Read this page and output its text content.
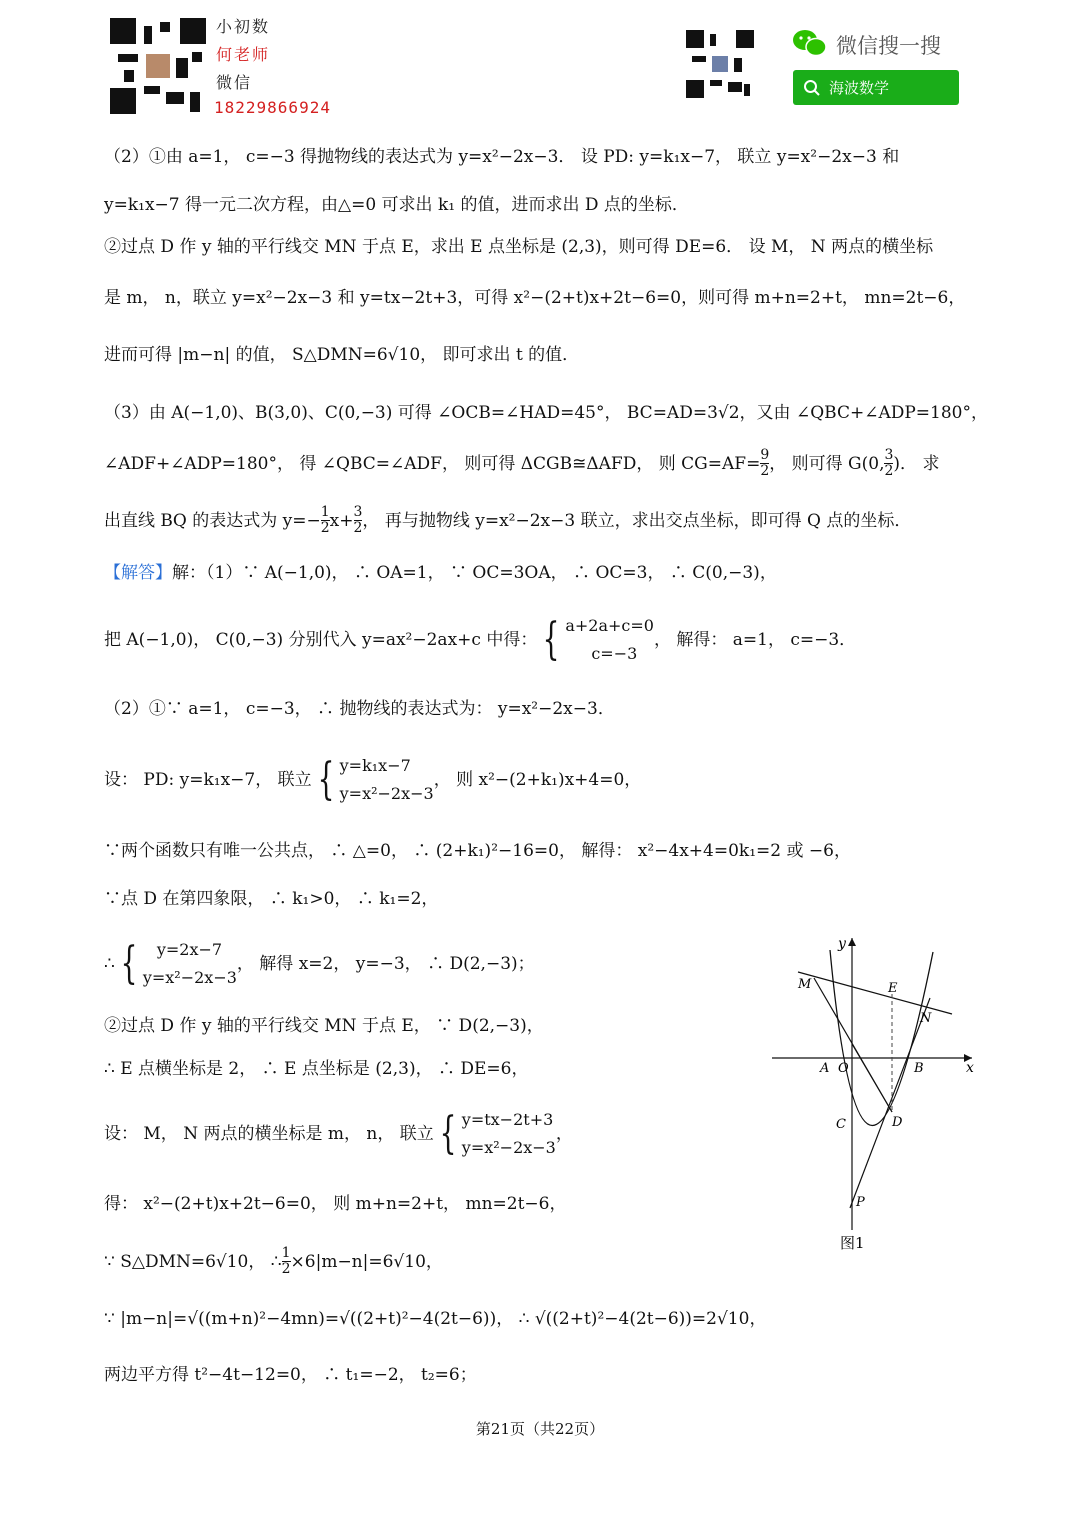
小初数
何老师
微信
18229866924
微信搜一搜
海波数学
（2）①由 a=1， c=−3 得抛物线的表达式为 y=x²−2x−3． 设 PD: y=k₁x−7， 联立 y=x²−2x−3 和
y=k₁x−7 得一元二次方程，由△=0 可求出 k₁ 的值，进而求出 D 点的坐标．
②过点 D 作 y 轴的平行线交 MN 于点 E，求出 E 点坐标是 (2,3)，则可得 DE=6． 设 M， N 两点的横坐标
是 m， n，联立 y=x²−2x−3 和 y=tx−2t+3，可得 x²−(2+t)x+2t−6=0，则可得 m+n=2+t， mn=2t−6，
进而可得 |m−n| 的值， S△DMN=6√10， 即可求出 t 的值．
（3）由 A(−1,0)、B(3,0)、C(0,−3) 可得 ∠OCB=∠HAD=45°， BC=AD=3√2，又由 ∠QBC+∠ADP=180°，
∠ADF+∠ADP=180°， 得 ∠QBC=∠ADF， 则可得 ΔCGB≅ΔAFD， 则 $CG=AF= \frac{9}{2}$ ， 则可得 G(0, $\frac{3}{2}$ )． 求
出直线 BQ 的表达式为 $y=- \frac{1}{2} x+ \frac{3}{2}$ ， 再与抛物线 y=x²−2x−3 联立，求出交点坐标，即可得 Q 点的坐标．
【解答】解：（1）∵ A(−1,0)， ∴ OA=1， ∵ OC=3OA， ∴ OC=3， ∴ C(0,−3)，
把 A(−1,0)， C(0,−3) 分别代入 y=ax²−2ax+c 中得： { a+2a+c=0
c=−3
， 解得： a=1， c=−3．
（2）①∵ a=1， c=−3， ∴ 抛物线的表达式为： y=x²−2x−3．
设： PD: y=k₁x−7， 联立 { y=k₁x−7
y=x²−2x−3
， 则 x²−(2+k₁)x+4=0，
∵两个函数只有唯一公共点， ∴ △=0， ∴ (2+k₁)²−16=0， 解得： x²−4x+4=0k₁=2 或 −6，
∵点 D 在第四象限， ∴ k₁>0， ∴ k₁=2，
∴ {	y=2x−7
y=x²−2x−3
， 解得 x=2， y=−3， ∴ D(2,−3)；
②过点 D 作 y 轴的平行线交 MN 于点 E， ∵ D(2,−3)，
∴ E 点横坐标是 2， ∴ E 点坐标是 (2,3)， ∴ DE=6，
设： M， N 两点的横坐标是 m， n， 联立 { y=tx−2t+3
y=x²−2x−3
，
得： x²−(2+t)x+2t−6=0， 则 m+n=2+t， mn=2t−6，
∵ S△DMN=6√10， ∴ $\frac{1}{2} \times 6|m-n|=6√10$，
∵ |m−n|=√((m+n)²−4mn)=√((2+t)²−4(2t−6))， ∴ √((2+t)²−4(2t−6))=2√10，
两边平方得 t²−4t−12=0， ∴ t₁=−2， t₂=6；
y
x
M	E
N
A O	B
C	D
P
图1
第21页（共22页）
